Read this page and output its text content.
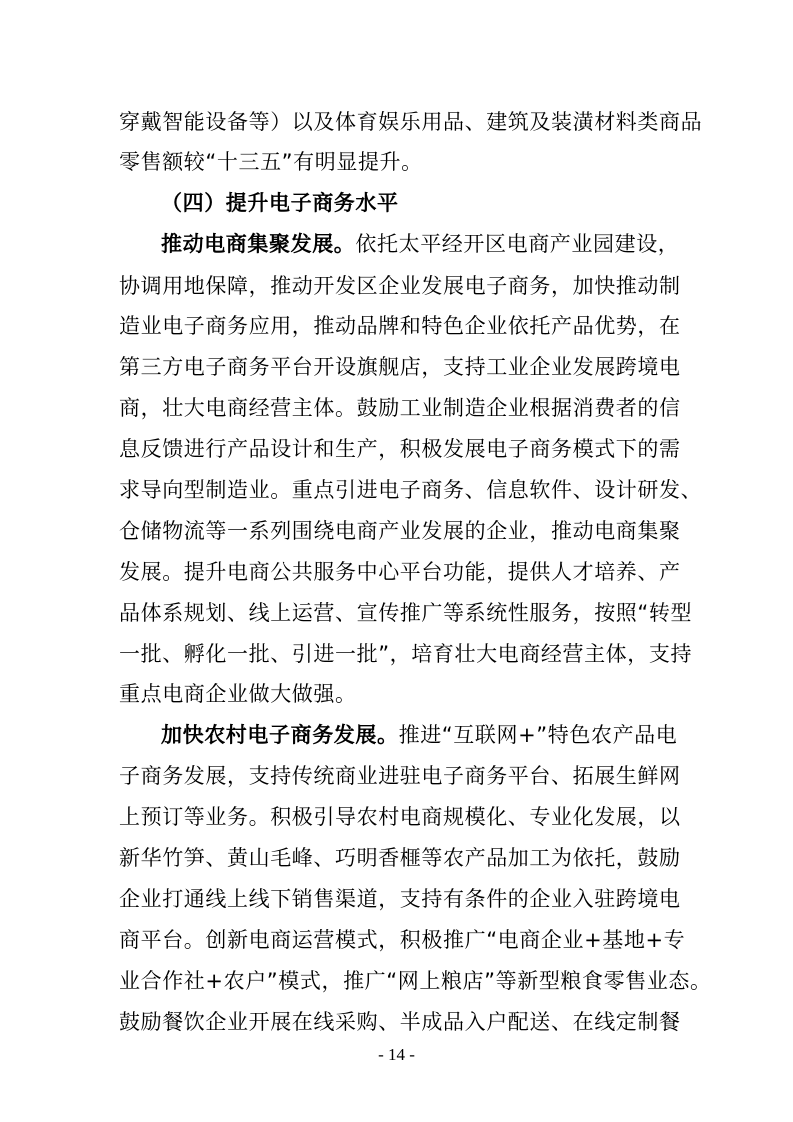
穿戴智能设备等）以及体育娱乐用品、建筑及装潢材料类商品
零售额较“十三五”有明显提升。
（四）提升电子商务水平
推动电商集聚发展。依托太平经开区电商产业园建设，
协调用地保障，推动开发区企业发展电子商务，加快推动制
造业电子商务应用，推动品牌和特色企业依托产品优势，在
第三方电子商务平台开设旗舰店，支持工业企业发展跨境电
商，壮大电商经营主体。鼓励工业制造企业根据消费者的信
息反馈进行产品设计和生产，积极发展电子商务模式下的需
求导向型制造业。重点引进电子商务、信息软件、设计研发、
仓储物流等一系列围绕电商产业发展的企业，推动电商集聚
发展。提升电商公共服务中心平台功能，提供人才培养、产
品体系规划、线上运营、宣传推广等系统性服务，按照“转型
一批、孵化一批、引进一批”，培育壮大电商经营主体，支持
重点电商企业做大做强。
加快农村电子商务发展。推进“互联网+”特色农产品电
子商务发展，支持传统商业进驻电子商务平台、拓展生鲜网
上预订等业务。积极引导农村电商规模化、专业化发展，以
新华竹笋、黄山毛峰、巧明香榧等农产品加工为依托，鼓励
企业打通线上线下销售渠道，支持有条件的企业入驻跨境电
商平台。创新电商运营模式，积极推广“电商企业+基地+专
业合作社+农户”模式，推广“网上粮店”等新型粮食零售业态。
鼓励餐饮企业开展在线采购、半成品入户配送、在线定制餐
- 14 -
